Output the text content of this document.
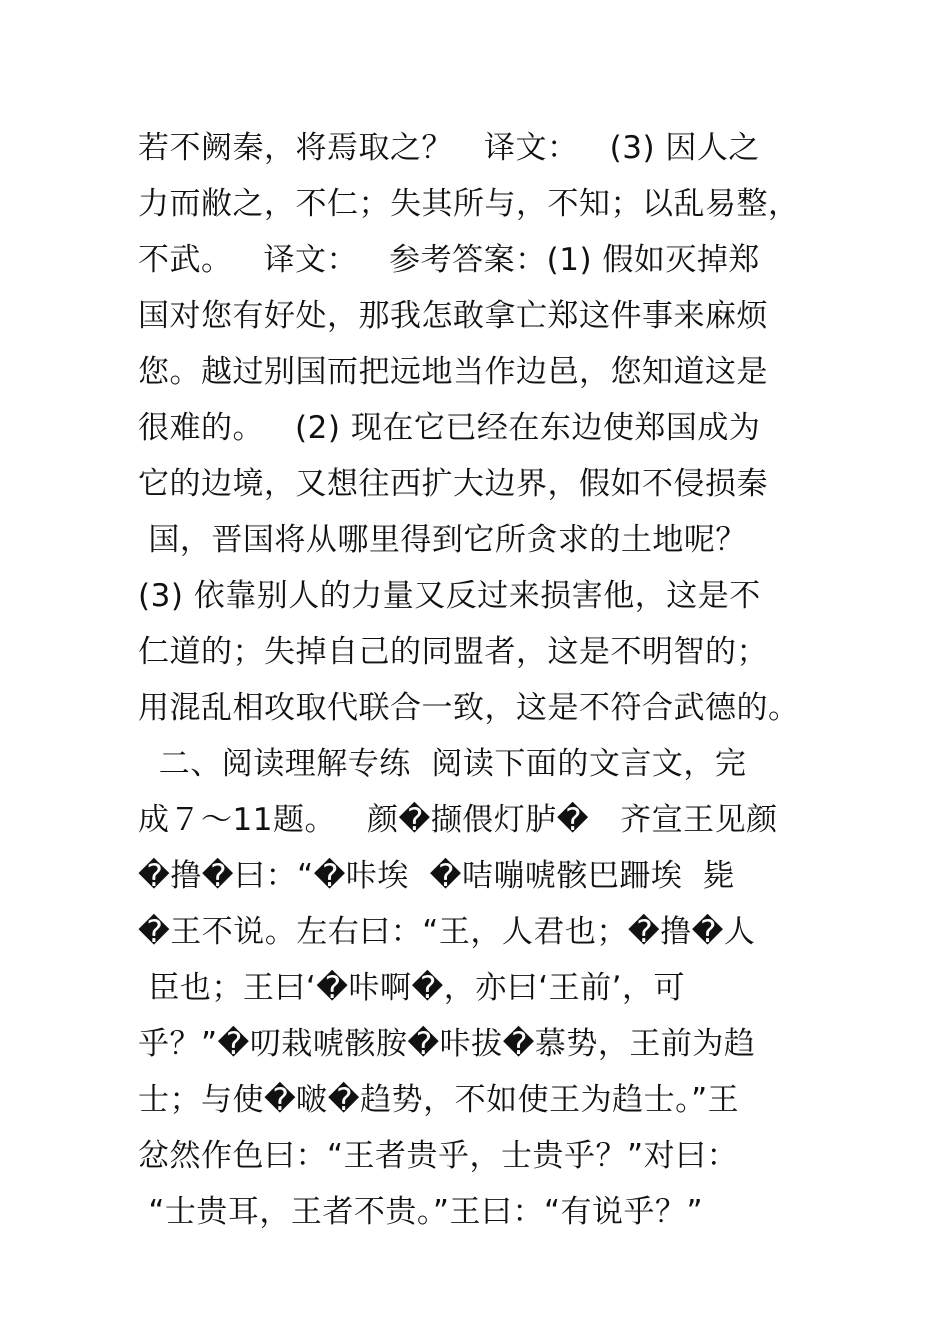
若不阙秦，将焉取之？   译文：   (3) 因人之
力而敝之，不仁；失其所与，不知；以乱易整，
不武。   译文：   参考答案：(1) 假如灭掉郑
国对您有好处，那我怎敢拿亡郑这件事来麻烦
您。越过别国而把远地当作边邑，您知道这是
很难的。   (2) 现在它已经在东边使郑国成为
它的边境，又想往西扩大边界，假如不侵损秦
国，晋国将从哪里得到它所贪求的土地呢？
(3) 依靠别人的力量又反过来损害他，这是不
仁道的；失掉自己的同盟者，这是不明智的；
用混乱相攻取代联合一致，这是不符合武德的。
二、阅读理解专练  阅读下面的文言文，完
成７～11题。   颜�撷偎灯胪�   齐宣王见颜
�撸�曰：“�咔埃  �咭嘣唬骸巴跚埃  毙
�王不说。左右曰：“王，人君也；�撸�人
臣也；王曰‘�咔啊�，亦曰‘王前’，可
乎？”�叨栽唬骸胺�咔拔�慕势，王前为趋
士；与使�啵�趋势，不如使王为趋士。”王
忿然作色曰：“王者贵乎，士贵乎？”对曰：
“士贵耳，王者不贵。”王曰：“有说乎？”
